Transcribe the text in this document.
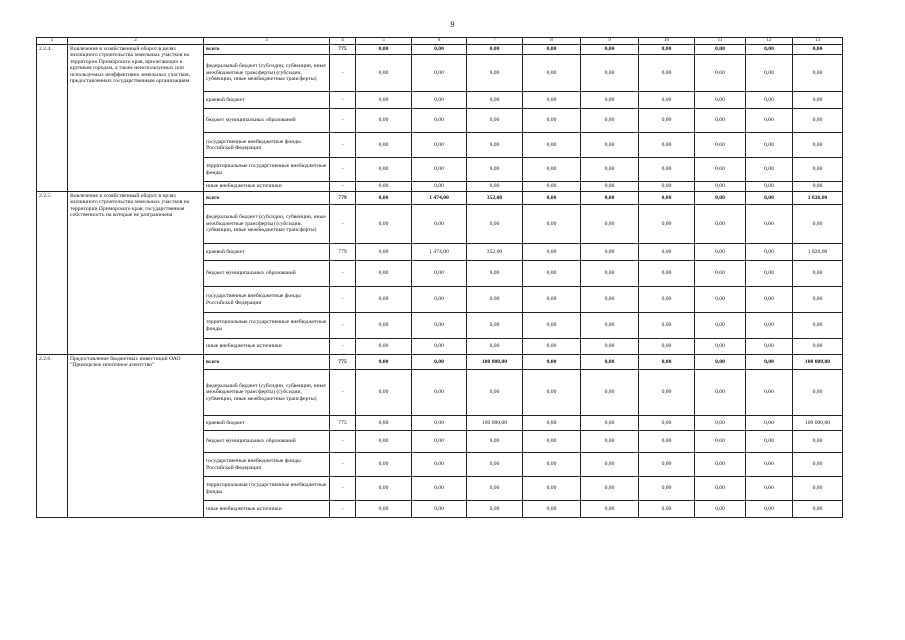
9
1	2	3	4	5	6	7	8	9	10	11	12	13
2.2.4.	Вовлечение в хозяйственный оборот в целях жилищного строительства земельных участков на территории Приморского края, прилегающих к крупным городам, а также неиспользуемых или используемых неэффективно земельных участков, предоставленных государственным организациям	всего	775	0,00	0,00	0,00	0,00	0,00	0,00	0,00	0,00	0,00
		федеральный бюджет (субсидии, субвенции, иные межбюджетные трансферты) (субсидии, субвенции, иные межбюджетные трансферты)	-	0,00	0,00	0,00	0,00	0,00	0,00	0,00	0,00	0,00
		краевой бюджет	-	0,00	0,00	0,00	0,00	0,00	0,00	0,00	0,00	0,00
		бюджет муниципальных образований	-	0,00	0,00	0,00	0,00	0,00	0,00	0,00	0,00	0,00
		государственные внебюджетные фонды Российской Федерации	-	0,00	0,00	0,00	0,00	0,00	0,00	0,00	0,00	0,00
		территориальные государственные внебюджетные фонды	-	0,00	0,00	0,00	0,00	0,00	0,00	0,00	0,00	0,00
		иные внебюджетные источники	-	0,00	0,00	0,00	0,00	0,00	0,00	0,00	0,00	0,00
2.2.5.	Вовлечение в хозяйственный оборот в целях жилищного строительства земельных участков на территории Приморского края, государственная собственность на которые не разграничена	всего	779	0,00	1 474,00	352,00	0,00	0,00	0,00	0,00	0,00	1 826,00
		федеральный бюджет (субсидии, субвенции, иные межбюджетные трансферты) (субсидии, субвенции, иные межбюджетные трансферты)	-	0,00	0,00	0,00	0,00	0,00	0,00	0,00	0,00	0,00
		краевой бюджет	779	0,00	1 474,00	352,00	0,00	0,00	0,00	0,00	0,00	1 826,00
		бюджет муниципальных образований	-	0,00	0,00	0,00	0,00	0,00	0,00	0,00	0,00	0,00
		государственные внебюджетные фонды Российской Федерации	-	0,00	0,00	0,00	0,00	0,00	0,00	0,00	0,00	0,00
		территориальные государственные внебюджетные фонды	-	0,00	0,00	0,00	0,00	0,00	0,00	0,00	0,00	0,00
		иные внебюджетные источники	-	0,00	0,00	0,00	0,00	0,00	0,00	0,00	0,00	0,00
2.2.6.	Предоставление бюджетных инвестиций ОАО "Приморское ипотечное агентство"	всего	775	0,00	0,00	100 000,00	0,00	0,00	0,00	0,00	0,00	100 000,00
		федеральный бюджет (субсидии, субвенции, иные межбюджетные трансферты) (субсидии, субвенции, иные межбюджетные трансферты)	-	0,00	0,00	0,00	0,00	0,00	0,00	0,00	0,00	0,00
		краевой бюджет	775	0,00	0,00	100 000,00	0,00	0,00	0,00	0,00	0,00	100 000,00
		бюджет муниципальных образований	-	0,00	0,00	0,00	0,00	0,00	0,00	0,00	0,00	0,00
		государственные внебюджетные фонды Российской Федерации	-	0,00	0,00	0,00	0,00	0,00	0,00	0,00	0,00	0,00
		территориальные государственные внебюджетные фонды	-	0,00	0,00	0,00	0,00	0,00	0,00	0,00	0,00	0,00
		иные внебюджетные источники	-	0,00	0,00	0,00	0,00	0,00	0,00	0,00	0,00	0,00
